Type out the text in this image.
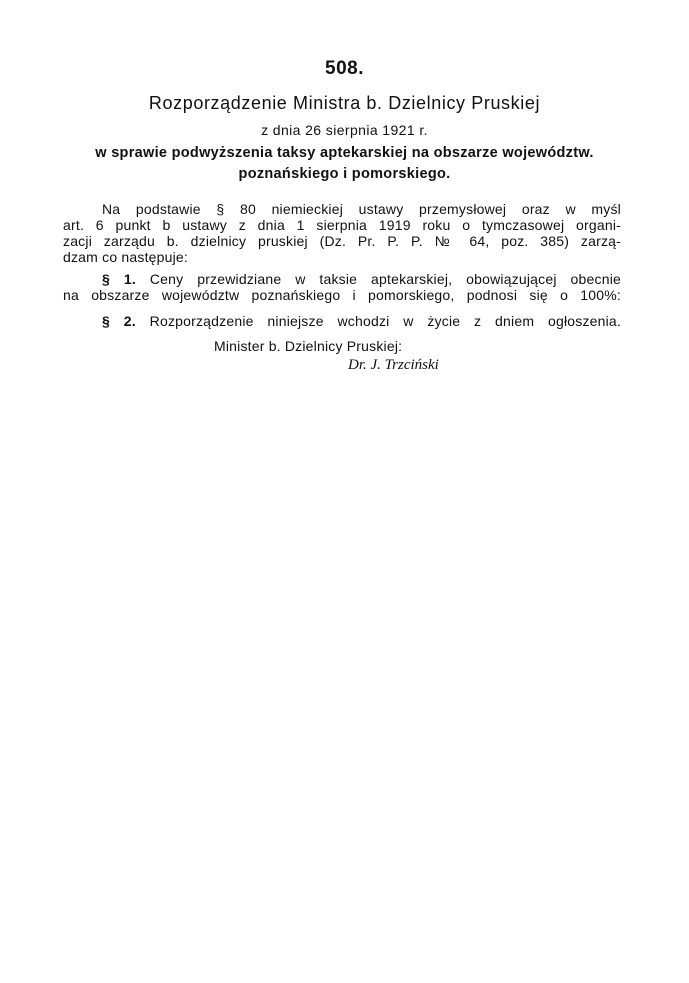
508.
Rozporządzenie Ministra b. Dzielnicy Pruskiej
z dnia 26 sierpnia 1921 r.
w sprawie podwyższenia taksy aptekarskiej na obszarze województw.
poznańskiego i pomorskiego.
Na podstawie § 80 niemieckiej ustawy przemysłowej oraz w myśl
art. 6 punkt b ustawy z dnia 1 sierpnia 1919 roku o tymczasowej organi-
zacji zarządu b. dzielnicy pruskiej (Dz. Pr. P. P. № 64, poz. 385) zarzą-
dzam co następuje:
§ 1. Ceny przewidziane w taksie aptekarskiej, obowiązującej obecnie
na obszarze województw poznańskiego i pomorskiego, podnosi się o 100%:
§ 2. Rozporządzenie niniejsze wchodzi w życie z dniem ogłoszenia.
Minister b. Dzielnicy Pruskiej:
Dr. J. Trzciński
